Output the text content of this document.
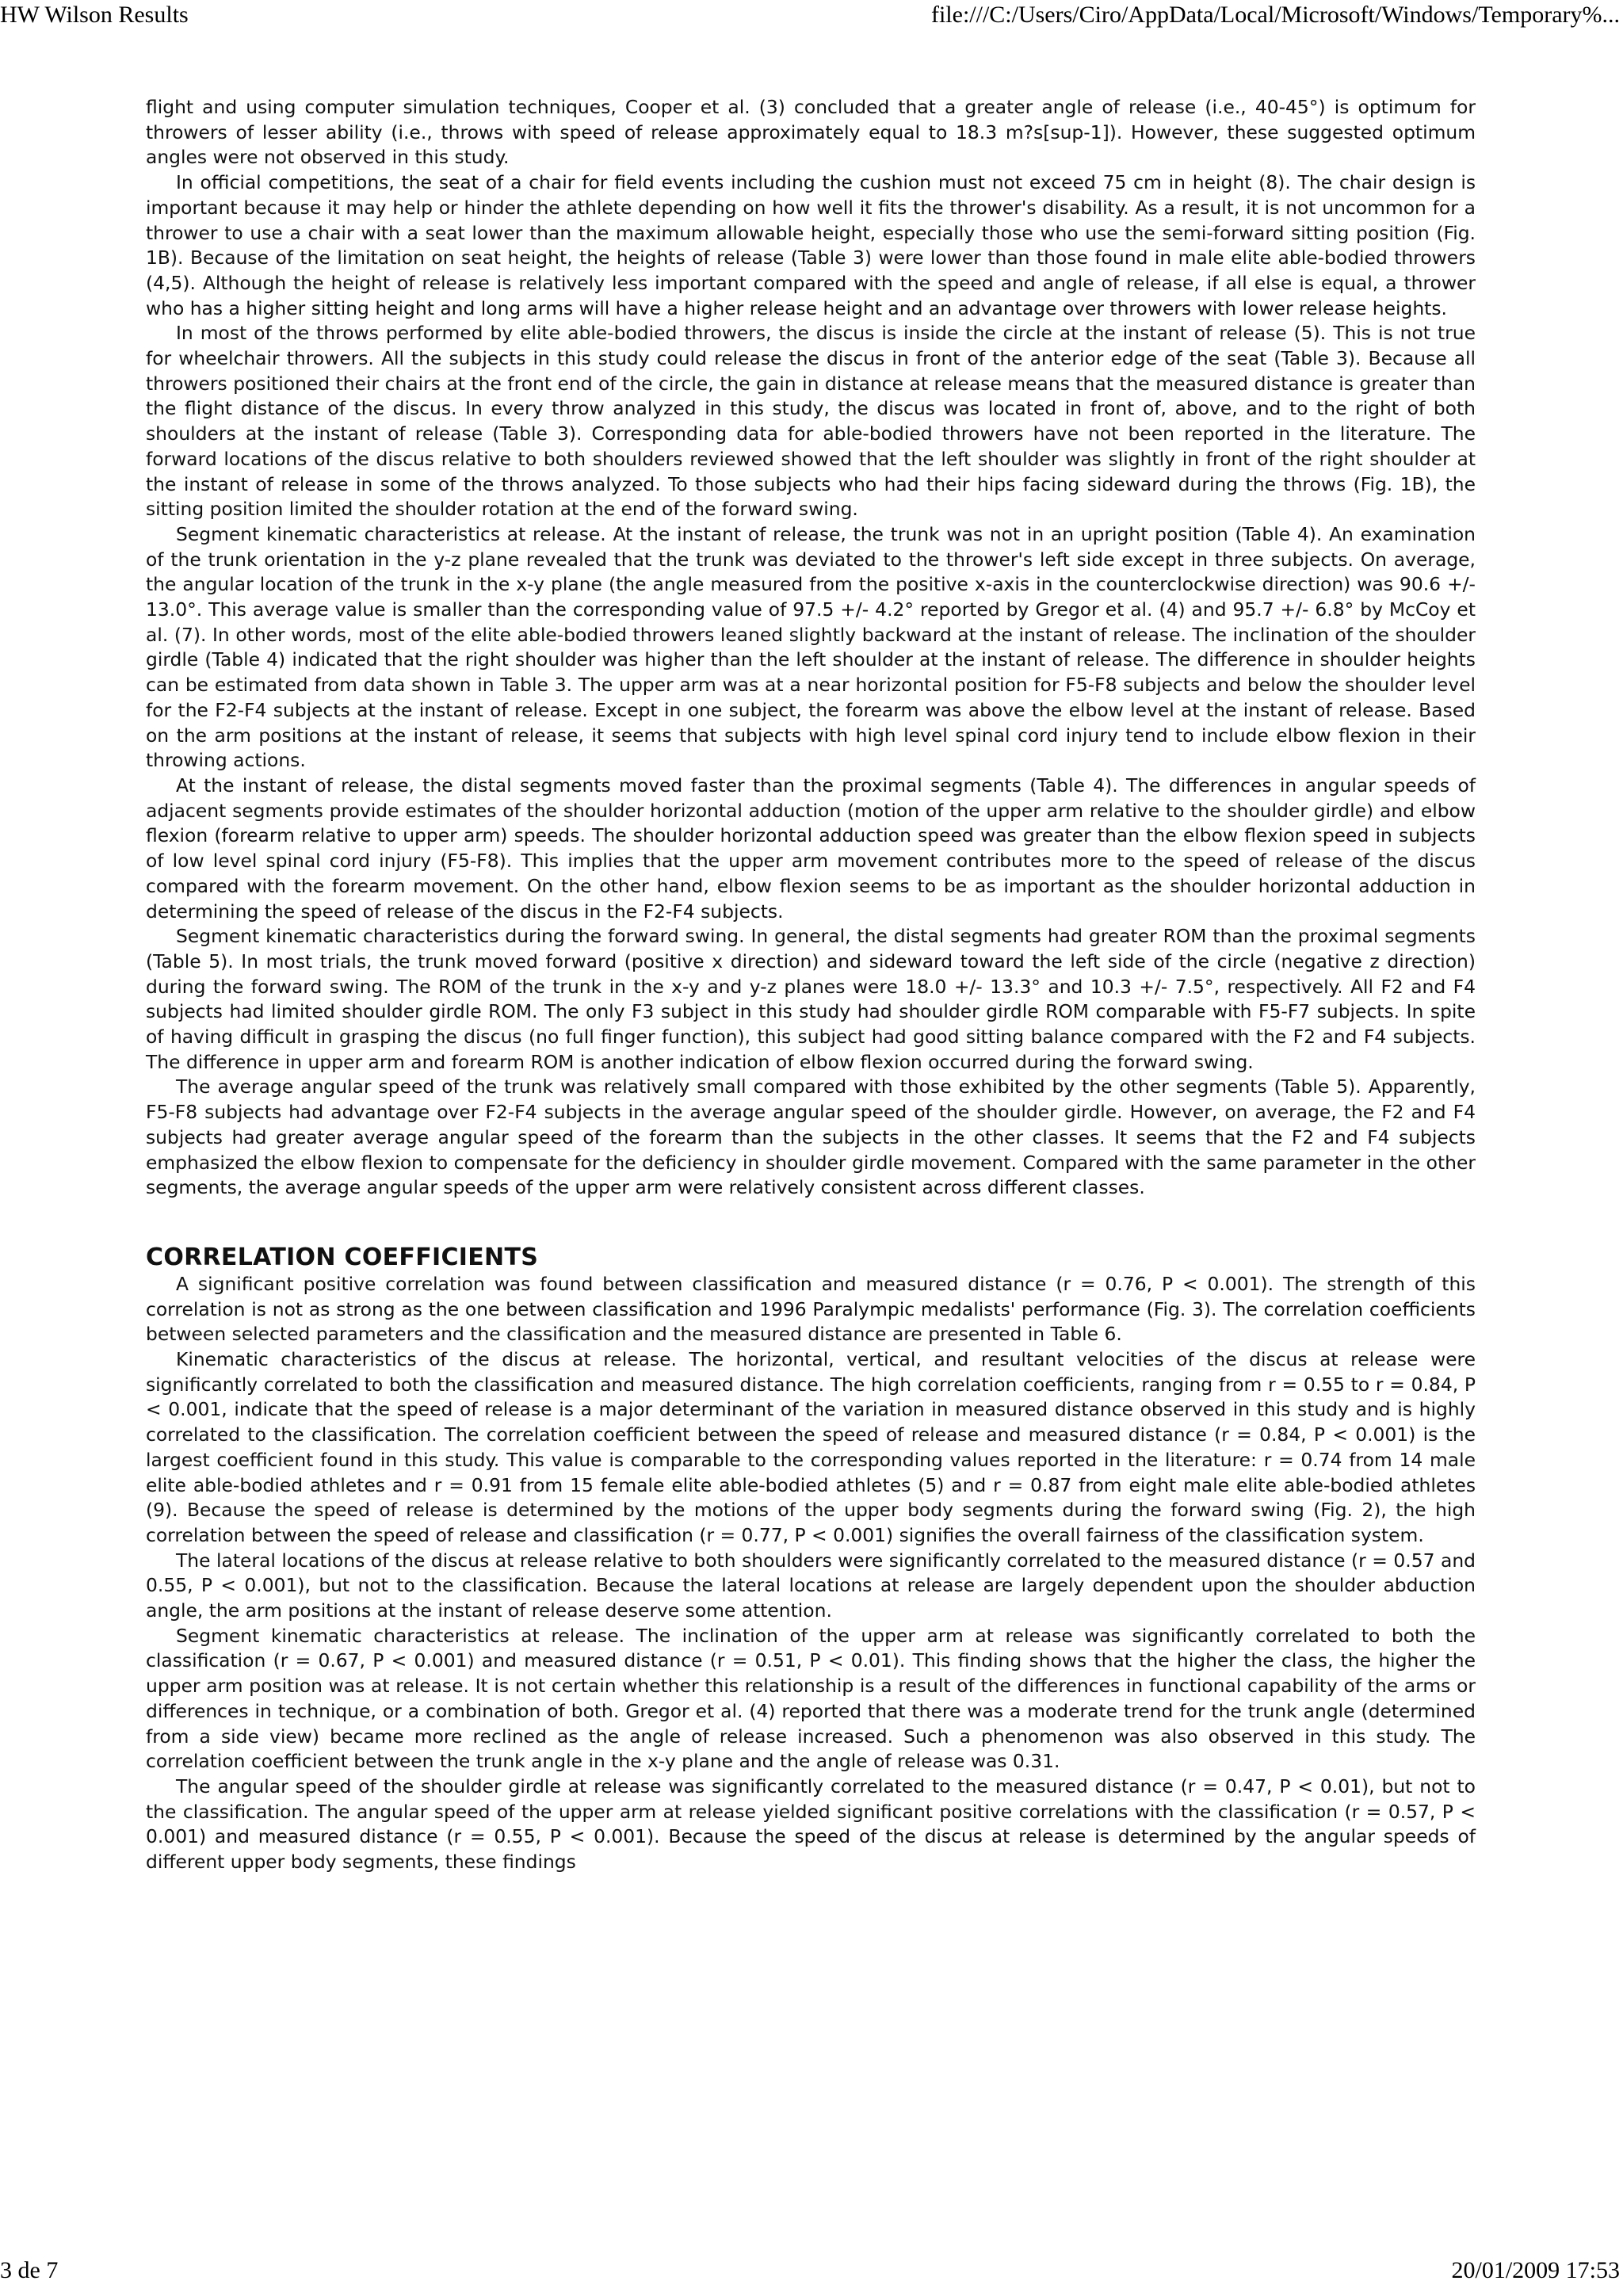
HW Wilson Results	file:///C:/Users/Ciro/AppData/Local/Microsoft/Windows/Temporary%...

flight and using computer simulation techniques, Cooper et al. (3) concluded that a greater angle of release (i.e., 40-45°) is optimum for throwers of lesser ability (i.e., throws with speed of release approximately equal to 18.3 m?s[sup-1]). However, these suggested optimum angles were not observed in this study.

In official competitions, the seat of a chair for field events including the cushion must not exceed 75 cm in height (8). The chair design is important because it may help or hinder the athlete depending on how well it fits the thrower's disability. As a result, it is not uncommon for a thrower to use a chair with a seat lower than the maximum allowable height, especially those who use the semi-forward sitting position (Fig. 1B). Because of the limitation on seat height, the heights of release (Table 3) were lower than those found in male elite able-bodied throwers (4,5). Although the height of release is relatively less important compared with the speed and angle of release, if all else is equal, a thrower who has a higher sitting height and long arms will have a higher release height and an advantage over throwers with lower release heights.

In most of the throws performed by elite able-bodied throwers, the discus is inside the circle at the instant of release (5). This is not true for wheelchair throwers. All the subjects in this study could release the discus in front of the anterior edge of the seat (Table 3). Because all throwers positioned their chairs at the front end of the circle, the gain in distance at release means that the measured distance is greater than the flight distance of the discus. In every throw analyzed in this study, the discus was located in front of, above, and to the right of both shoulders at the instant of release (Table 3). Corresponding data for able-bodied throwers have not been reported in the literature. The forward locations of the discus relative to both shoulders reviewed showed that the left shoulder was slightly in front of the right shoulder at the instant of release in some of the throws analyzed. To those subjects who had their hips facing sideward during the throws (Fig. 1B), the sitting position limited the shoulder rotation at the end of the forward swing.

Segment kinematic characteristics at release. At the instant of release, the trunk was not in an upright position (Table 4). An examination of the trunk orientation in the y-z plane revealed that the trunk was deviated to the thrower's left side except in three subjects. On average, the angular location of the trunk in the x-y plane (the angle measured from the positive x-axis in the counterclockwise direction) was 90.6 +/- 13.0°. This average value is smaller than the corresponding value of 97.5 +/- 4.2° reported by Gregor et al. (4) and 95.7 +/- 6.8° by McCoy et al. (7). In other words, most of the elite able-bodied throwers leaned slightly backward at the instant of release. The inclination of the shoulder girdle (Table 4) indicated that the right shoulder was higher than the left shoulder at the instant of release. The difference in shoulder heights can be estimated from data shown in Table 3. The upper arm was at a near horizontal position for F5-F8 subjects and below the shoulder level for the F2-F4 subjects at the instant of release. Except in one subject, the forearm was above the elbow level at the instant of release. Based on the arm positions at the instant of release, it seems that subjects with high level spinal cord injury tend to include elbow flexion in their throwing actions.

At the instant of release, the distal segments moved faster than the proximal segments (Table 4). The differences in angular speeds of adjacent segments provide estimates of the shoulder horizontal adduction (motion of the upper arm relative to the shoulder girdle) and elbow flexion (forearm relative to upper arm) speeds. The shoulder horizontal adduction speed was greater than the elbow flexion speed in subjects of low level spinal cord injury (F5-F8). This implies that the upper arm movement contributes more to the speed of release of the discus compared with the forearm movement. On the other hand, elbow flexion seems to be as important as the shoulder horizontal adduction in determining the speed of release of the discus in the F2-F4 subjects.

Segment kinematic characteristics during the forward swing. In general, the distal segments had greater ROM than the proximal segments (Table 5). In most trials, the trunk moved forward (positive x direction) and sideward toward the left side of the circle (negative z direction) during the forward swing. The ROM of the trunk in the x-y and y-z planes were 18.0 +/- 13.3° and 10.3 +/- 7.5°, respectively. All F2 and F4 subjects had limited shoulder girdle ROM. The only F3 subject in this study had shoulder girdle ROM comparable with F5-F7 subjects. In spite of having difficult in grasping the discus (no full finger function), this subject had good sitting balance compared with the F2 and F4 subjects. The difference in upper arm and forearm ROM is another indication of elbow flexion occurred during the forward swing.

The average angular speed of the trunk was relatively small compared with those exhibited by the other segments (Table 5). Apparently, F5-F8 subjects had advantage over F2-F4 subjects in the average angular speed of the shoulder girdle. However, on average, the F2 and F4 subjects had greater average angular speed of the forearm than the subjects in the other classes. It seems that the F2 and F4 subjects emphasized the elbow flexion to compensate for the deficiency in shoulder girdle movement. Compared with the same parameter in the other segments, the average angular speeds of the upper arm were relatively consistent across different classes.

CORRELATION COEFFICIENTS

A significant positive correlation was found between classification and measured distance (r = 0.76, P < 0.001). The strength of this correlation is not as strong as the one between classification and 1996 Paralympic medalists' performance (Fig. 3). The correlation coefficients between selected parameters and the classification and the measured distance are presented in Table 6.

Kinematic characteristics of the discus at release. The horizontal, vertical, and resultant velocities of the discus at release were significantly correlated to both the classification and measured distance. The high correlation coefficients, ranging from r = 0.55 to r = 0.84, P < 0.001, indicate that the speed of release is a major determinant of the variation in measured distance observed in this study and is highly correlated to the classification. The correlation coefficient between the speed of release and measured distance (r = 0.84, P < 0.001) is the largest coefficient found in this study. This value is comparable to the corresponding values reported in the literature: r = 0.74 from 14 male elite able-bodied athletes and r = 0.91 from 15 female elite able-bodied athletes (5) and r = 0.87 from eight male elite able-bodied athletes (9). Because the speed of release is determined by the motions of the upper body segments during the forward swing (Fig. 2), the high correlation between the speed of release and classification (r = 0.77, P < 0.001) signifies the overall fairness of the classification system.

The lateral locations of the discus at release relative to both shoulders were significantly correlated to the measured distance (r = 0.57 and 0.55, P < 0.001), but not to the classification. Because the lateral locations at release are largely dependent upon the shoulder abduction angle, the arm positions at the instant of release deserve some attention.

Segment kinematic characteristics at release. The inclination of the upper arm at release was significantly correlated to both the classification (r = 0.67, P < 0.001) and measured distance (r = 0.51, P < 0.01). This finding shows that the higher the class, the higher the upper arm position was at release. It is not certain whether this relationship is a result of the differences in functional capability of the arms or differences in technique, or a combination of both. Gregor et al. (4) reported that there was a moderate trend for the trunk angle (determined from a side view) became more reclined as the angle of release increased. Such a phenomenon was also observed in this study. The correlation coefficient between the trunk angle in the x-y plane and the angle of release was 0.31.

The angular speed of the shoulder girdle at release was significantly correlated to the measured distance (r = 0.47, P < 0.01), but not to the classification. The angular speed of the upper arm at release yielded significant positive correlations with the classification (r = 0.57, P < 0.001) and measured distance (r = 0.55, P < 0.001). Because the speed of the discus at release is determined by the angular speeds of different upper body segments, these findings

3 de 7	20/01/2009 17:53
